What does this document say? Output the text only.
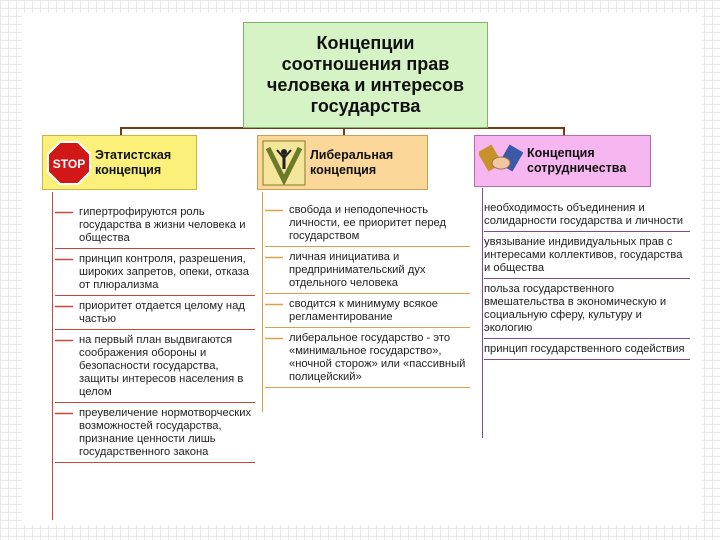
Концепции
соотношения прав
человека и интересов
государства
STOP
Этатистская
концепция
Либеральная
концепция
Концепция
сотрудничества
гипертрофируются роль государства в жизни человека и общества
принцип контроля, разрешения, широких запретов, опеки, отказа от плюрализма
приоритет отдается целому над частью
на первый план выдвигаются соображения обороны и безопасности государства, защиты интересов населения в целом
преувеличение нормотворческих возможностей государства, признание ценности лишь государственного закона
свобода и неподопечность личности, ее приоритет перед государством
личная инициатива и предпринимательский дух отдельного человека
сводится к минимуму всякое регламентирование
либеральное государство - это «минимальное государство», «ночной сторож» или «пассивный полицейский»
необходимость объединения и солидарности государства и личности
увязывание индивидуальных прав с интересами коллективов, государства и общества
польза государственного вмешательства в экономическую и социальную сферу, культуру и экологию
принцип государственного содействия
